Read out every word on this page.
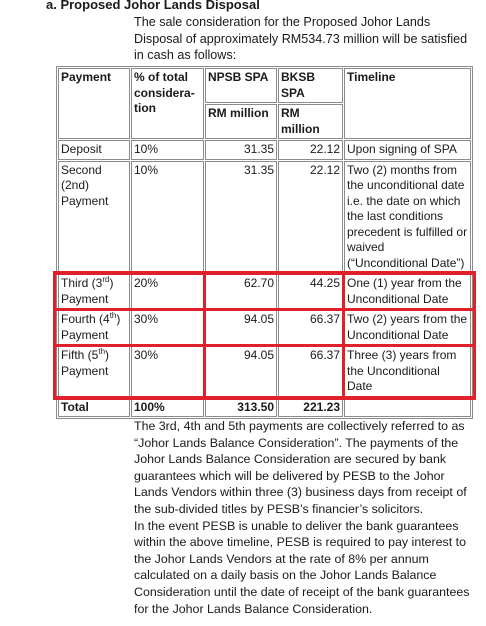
a. Proposed Johor Lands Disposal
The sale consideration for the Proposed Johor Lands Disposal of approximately RM534.73 million will be satisfied in cash as follows:
Payment	% of total considera-tion	NPSB SPA	BKSB SPA	Timeline
		RM million	RM million	
Deposit	10%	31.35	22.12	Upon signing of SPA
Second (2nd) Payment	10%	31.35	22.12	Two (2) months from the unconditional date i.e. the date on which the last conditions precedent is fulfilled or waived (“Unconditional Date”)
Third (3rd) Payment	20%	62.70	44.25	One (1) year from the Unconditional Date
Fourth (4th) Payment	30%	94.05	66.37	Two (2) years from the Unconditional Date
Fifth (5th) Payment	30%	94.05	66.37	Three (3) years from the Unconditional Date
Total	100%	313.50	221.23	

The 3rd, 4th and 5th payments are collectively referred to as “Johor Lands Balance Consideration”. The payments of the Johor Lands Balance Consideration are secured by bank guarantees which will be delivered by PESB to the Johor Lands Vendors within three (3) business days from receipt of the sub-divided titles by PESB’s financier’s solicitors.

In the event PESB is unable to deliver the bank guarantees within the above timeline, PESB is required to pay interest to the Johor Lands Vendors at the rate of 8% per annum calculated on a daily basis on the Johor Lands Balance Consideration until the date of receipt of the bank guarantees for the Johor Lands Balance Consideration.
